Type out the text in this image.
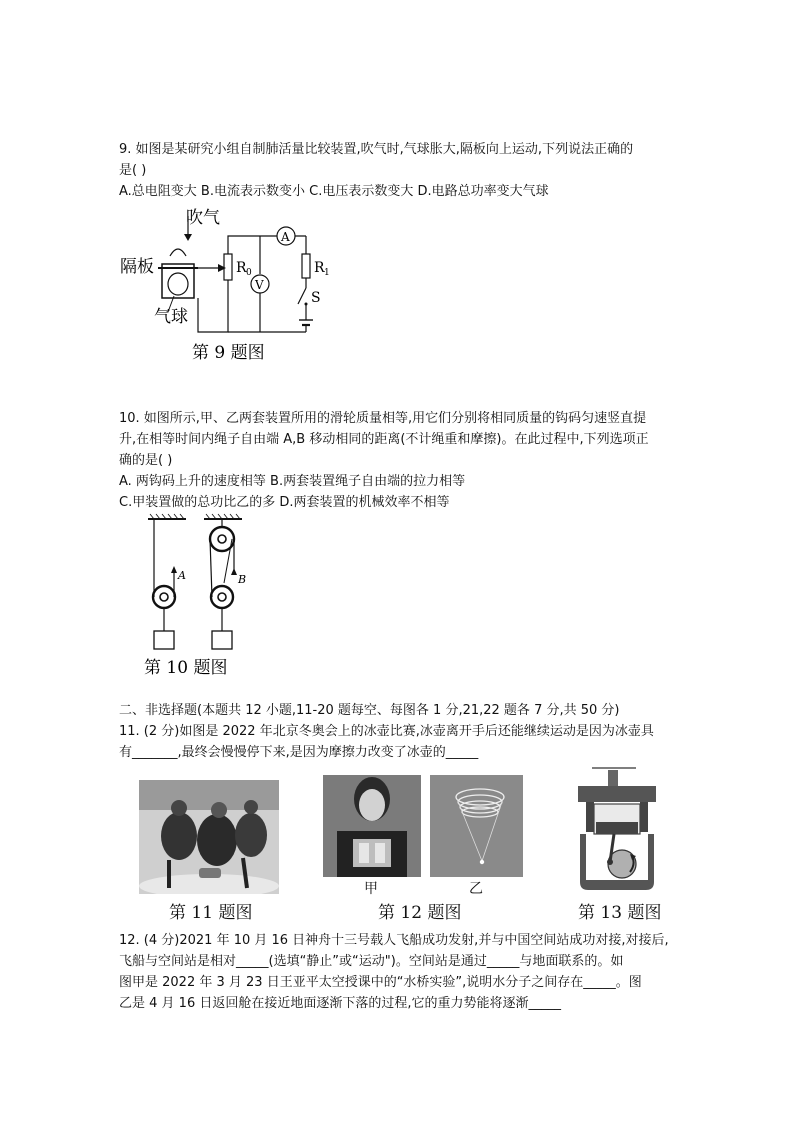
9. 如图是某研究小组自制肺活量比较装置,吹气时,气球胀大,隔板向上运动,下列说法正确的
是( )
A.总电阻变大 B.电流表示数变小 C.电压表示数变大 D.电路总功率变大气球
吹气
隔板
气球
R 0
V
A
R 1
S
第 9 题图
10. 如图所示,甲、乙两套装置所用的滑轮质量相等,用它们分别将相同质量的钩码匀速竖直提
升,在相等时间内绳子自由端 A,B 移动相同的距离(不计绳重和摩擦)。在此过程中,下列选项正
确的是( )
A. 两钩码上升的速度相等 B.两套装置绳子自由端的拉力相等
C.甲装置做的总功比乙的多 D.两套装置的机械效率不相等
A	B
第 10 题图
二、非选择题(本题共 12 小题,11-20 题每空、每图各 1 分,21,22 题各 7 分,共 50 分)
11. (2 分)如图是 2022 年北京冬奥会上的冰壶比赛,冰壶离开手后还能继续运动是因为冰壶具
有_______,最终会慢慢停下来,是因为摩擦力改变了冰壶的_____
甲	乙
第 11 题图	第 12 题图	第 13 题图
12. (4 分)2021 年 10 月 16 日神舟十三号载人飞船成功发射,并与中国空间站成功对接,对接后,
飞船与空间站是相对_____(选填“静止”或“运动")。空间站是通过_____与地面联系的。如
图甲是 2022 年 3 月 23 日王亚平太空授课中的“水桥实验”,说明水分子之间存在_____。图
乙是 4 月 16 日返回舱在接近地面逐渐下落的过程,它的重力势能将逐渐_____
